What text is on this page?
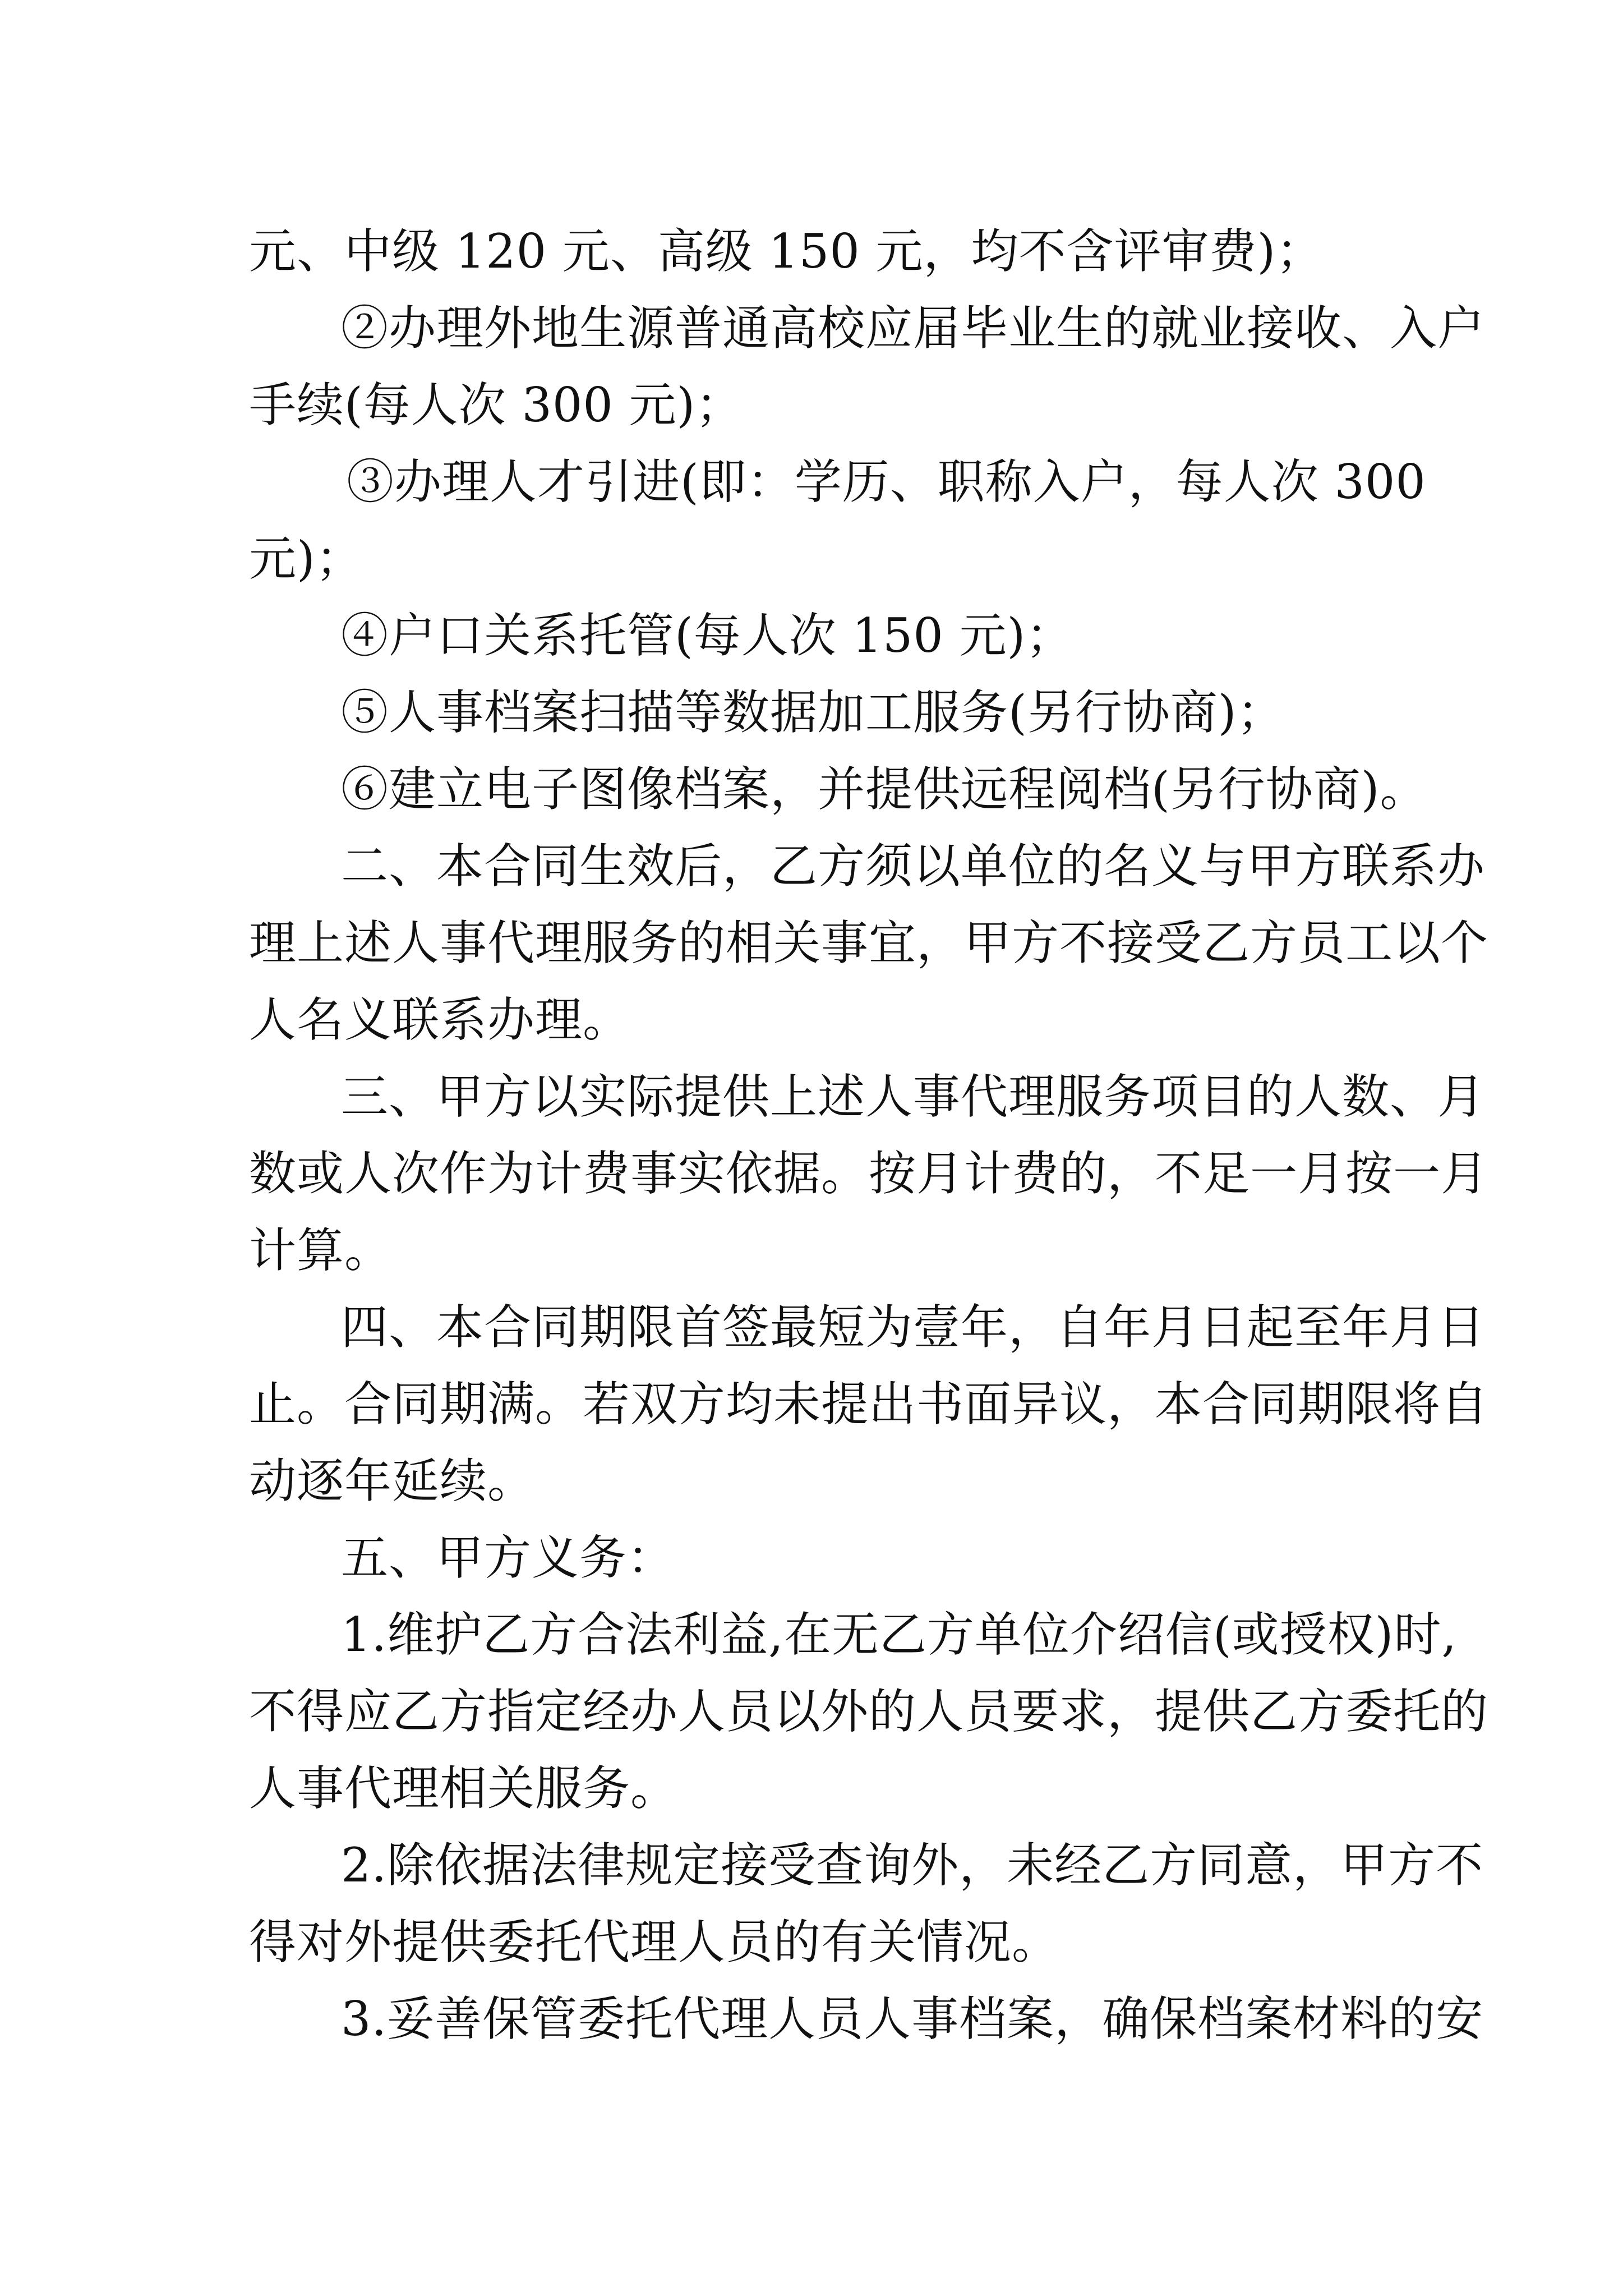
元、中级 120 元、高级 150 元，均不含评审费)；
②办理外地生源普通高校应届毕业生的就业接收、入户
手续(每人次 300 元)；
③办理人才引进(即：学历、职称入户，每人次 300
元)；
④户口关系托管(每人次 150 元)；
⑤人事档案扫描等数据加工服务(另行协商)；
⑥建立电子图像档案，并提供远程阅档(另行协商)。
二、本合同生效后，乙方须以单位的名义与甲方联系办
理上述人事代理服务的相关事宜，甲方不接受乙方员工以个
人名义联系办理。
三、甲方以实际提供上述人事代理服务项目的人数、月
数或人次作为计费事实依据。按月计费的，不足一月按一月
计算。
四、本合同期限首签最短为壹年，自年月日起至年月日
止。合同期满。若双方均未提出书面异议，本合同期限将自
动逐年延续。
五、甲方义务：
1.维护乙方合法利益,在无乙方单位介绍信(或授权)时,
不得应乙方指定经办人员以外的人员要求，提供乙方委托的
人事代理相关服务。
2.除依据法律规定接受查询外，未经乙方同意，甲方不
得对外提供委托代理人员的有关情况。
3.妥善保管委托代理人员人事档案，确保档案材料的安
